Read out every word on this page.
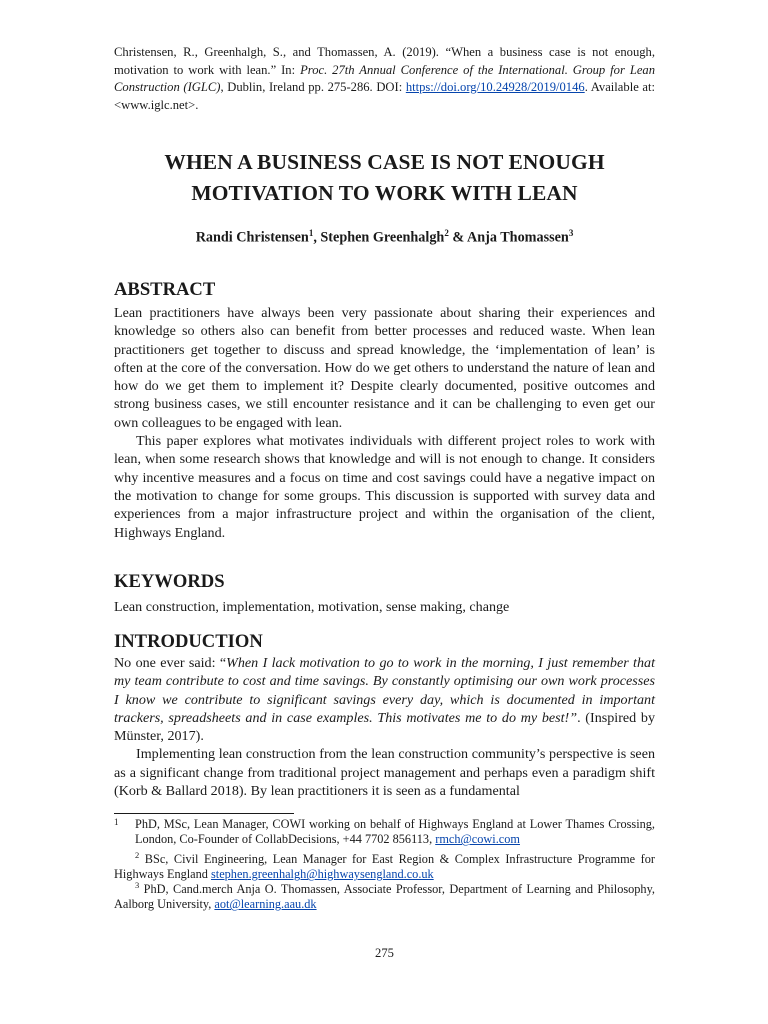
Christensen, R., Greenhalgh, S., and Thomassen, A. (2019). “When a business case is not enough, motivation to work with lean.” In: Proc. 27th Annual Conference of the International. Group for Lean Construction (IGLC), Dublin, Ireland pp. 275-286. DOI: https://doi.org/10.24928/2019/0146. Available at: <www.iglc.net>.
WHEN A BUSINESS CASE IS NOT ENOUGH MOTIVATION TO WORK WITH LEAN
Randi Christensen$^1$, Stephen Greenhalgh$^2$ & Anja Thomassen$^3$
ABSTRACT

Lean practitioners have always been very passionate about sharing their experiences and knowledge so others also can benefit from better processes and reduced waste. When lean practitioners get together to discuss and spread knowledge, the ‘implementation of lean’ is often at the core of the conversation. How do we get others to understand the nature of lean and how do we get them to implement it? Despite clearly documented, positive outcomes and strong business cases, we still encounter resistance and it can be challenging to even get our own colleagues to be engaged with lean.

This paper explores what motivates individuals with different project roles to work with lean, when some research shows that knowledge and will is not enough to change. It considers why incentive measures and a focus on time and cost savings could have a negative impact on the motivation to change for some groups. This discussion is supported with survey data and experiences from a major infrastructure project and within the organisation of the client, Highways England.

KEYWORDS
Lean construction, implementation, motivation, sense making, change
INTRODUCTION

No one ever said: “When I lack motivation to go to work in the morning, I just remember that my team contribute to cost and time savings. By constantly optimising our own work processes I know we contribute to significant savings every day, which is documented in important trackers, spreadsheets and in case examples. This motivates me to do my best!”. (Inspired by Münster, 2017).

Implementing lean construction from the lean construction community’s perspective is seen as a significant change from traditional project management and perhaps even a paradigm shift (Korb & Ballard 2018). By lean practitioners it is seen as a fundamental

1 PhD, MSc, Lean Manager, COWI working on behalf of Highways England at Lower Thames Crossing, London, Co-Founder of CollabDecisions, +44 7702 856113, rmch@cowi.com
$^2$ BSc, Civil Engineering, Lean Manager for East Region & Complex Infrastructure Programme for Highways England stephen.greenhalgh@highwaysengland.co.uk
$^3$ PhD, Cand.merch Anja O. Thomassen, Associate Professor, Department of Learning and Philosophy, Aalborg University, aot@learning.aau.dk
275
